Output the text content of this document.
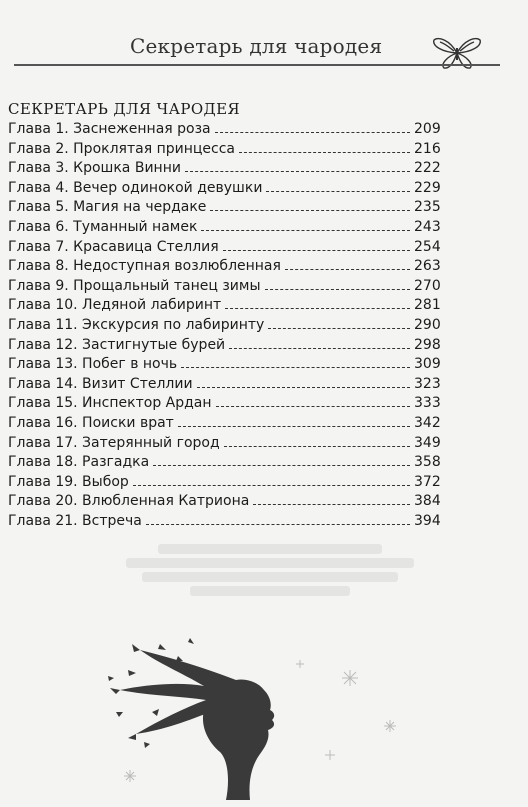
Секретарь для чародея
СЕКРЕТАРЬ ДЛЯ ЧАРОДЕЯ
Глава 1. Заснеженная роза	209
Глава 2. Проклятая принцесса	216
Глава 3. Крошка Винни	222
Глава 4. Вечер одинокой девушки	229
Глава 5. Магия на чердаке	235
Глава 6. Туманный намек	243
Глава 7. Красавица Стеллия	254
Глава 8. Недоступная возлюбленная	263
Глава 9. Прощальный танец зимы	270
Глава 10. Ледяной лабиринт	281
Глава 11. Экскурсия по лабиринту	290
Глава 12. Застигнутые бурей	298
Глава 13. Побег в ночь	309
Глава 14. Визит Стеллии	323
Глава 15. Инспектор Ардан	333
Глава 16. Поиски врат	342
Глава 17. Затерянный город	349
Глава 18. Разгадка	358
Глава 19. Выбор	372
Глава 20. Влюбленная Катриона	384
Глава 21. Встреча	394
